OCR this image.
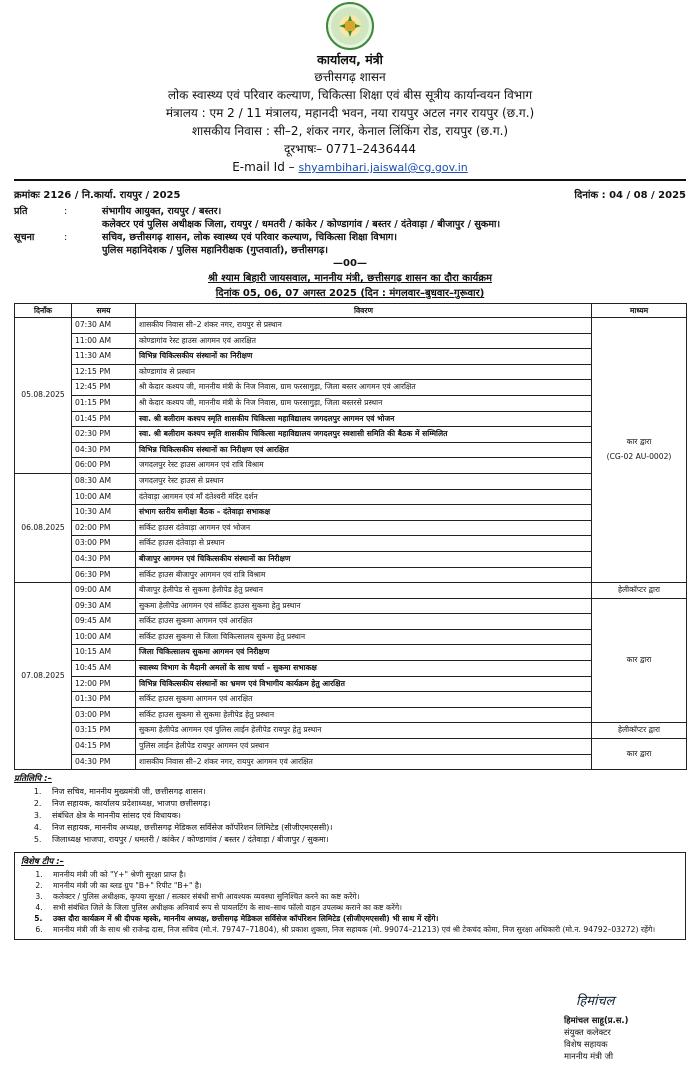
कार्यालय, मंत्री
छत्तीसगढ़ शासन
लोक स्वास्थ्य एवं परिवार कल्याण, चिकित्सा शिक्षा एवं बीस सूत्रीय कार्यान्वयन विभाग
मंत्रालय : एम 2 / 11 मंत्रालय, महानदी भवन, नया रायपुर अटल नगर रायपुर (छ.ग.)
शासकीय निवास : सी–2, शंकर नगर, केनाल लिंकिंग रोड, रायपुर (छ.ग.)
दूरभाषः– 0771–2436444
E-mail Id – shyambihari.jaiswal@cg.gov.in
क्रमांकः 2126 / नि.कार्या. रायपुर / 2025	दिनांक : 04 / 08 / 2025
प्रति	:	संभागीय आयुक्त, रायपुर / बस्तर।
कलेक्टर एवं पुलिस अधीक्षक जिला, रायपुर / धमतरी / कांकेर / कोण्डागांव / बस्तर / दंतेवाड़ा / बीजापुर / सुकमा।
सूचना	:	सचिव, छत्तीसगढ़ शासन, लोक स्वास्थ्य एवं परिवार कल्याण, चिकित्सा शिक्षा विभाग।
पुलिस महानिदेशक / पुलिस महानिरीक्षक (गुप्तवार्ता), छत्तीसगढ़।
—00—
श्री श्याम बिहारी जायसवाल, माननीय मंत्री, छत्तीसगढ़ शासन का दौरा कार्यक्रम
दिनांक 05, 06, 07 अगस्त 2025 (दिन : मंगलवार–बुधवार–गुरूवार)
दिनाँक	समय	विवरण	माध्यम
05.08.2025	07:30 AM	शासकीय निवास सी–2 शंकर नगर, रायपुर से प्रस्थान	कार द्वारा
(CG-02 AU-0002)
	11:00 AM	कोण्डागांव रेस्ट हाउस आगमन एवं आरक्षित	
	11:30 AM	विभिन्न चिकित्सकीय संस्थानों का निरीक्षण	
	12:15 PM	कोण्डागांव से प्रस्थान	
	12:45 PM	श्री केदार कश्यप जी, माननीय मंत्री के निज निवास, ग्राम फरसागुड़ा, जिला बस्तर आगमन एवं आरक्षित	
	01:15 PM	श्री केदार कश्यप जी, माननीय मंत्री के निज निवास, ग्राम फरसागुड़ा, जिला बस्तरसे प्रस्थान	
	01:45 PM	स्वा. श्री बलीराम कश्यप स्मृति शासकीय चिकित्सा महाविद्यालय जगदलपुर आगमन एवं भोजन	
	02:30 PM	स्वा. श्री बलीराम कश्यप स्मृति शासकीय चिकित्सा महाविद्यालय जगदलपुर स्वशासी समिति की बैठक में सम्मिलित	
	04:30 PM	विभिन्न चिकित्सकीय संस्थानों का निरीक्षण एवं आरक्षित	
	06:00 PM	जगदलपुर रेस्ट हाउस आगमन एवं रात्रि विश्राम	
06.08.2025	08:30 AM	जगदलपुर रेस्ट हाउस से प्रस्थान	
	10:00 AM	दंतेवाड़ा आगमन एवं माँ दंतेश्वरी मंदिर दर्शन	
	10:30 AM	संभाग स्तरीय समीक्षा बैठक – दंतेवाड़ा सभाकक्ष	
	02:00 PM	सर्किट हाउस दंतेवाड़ा आगमन एवं भोजन	
	03:00 PM	सर्किट हाउस दंतेवाड़ा से प्रस्थान	
	04:30 PM	बीजापुर आगमन एवं चिकित्सकीय संस्थानों का निरीक्षण	
	06:30 PM	सर्किट हाउस बीजापुर आगमन एवं रात्रि विश्राम	
07.08.2025	09:00 AM	बीजापुर हेलीपेड से सुकमा हेलीपेड हेतु प्रस्थान	हेलीकॉप्टर द्वारा
	09:30 AM	सुकमा हेलीपेड आगमन एवं सर्किट हाउस सुकमा हेतु प्रस्थान	कार द्वारा
	09:45 AM	सर्किट हाउस सुकमा आगमन एवं आरक्षित	
	10:00 AM	सर्किट हाउस सुकमा से जिला चिकित्सालय सुकमा हेतु प्रस्थान	
	10:15 AM	जिला चिकित्सालय सुकमा आगमन एवं निरीक्षण	
	10:45 AM	स्वास्थ्य विभाग के मैदानी अमलों के साथ चर्चा – सुकमा सभाकक्ष	
	12:00 PM	विभिन्न चिकित्सकीय संस्थानों का भ्रमण एवं विभागीय कार्यक्रम हेतु आरक्षित	
	01:30 PM	सर्किट हाउस सुकमा आगमन एवं आरक्षित	
	03:00 PM	सर्किट हाउस सुकमा से सुकमा हेलीपेड हेतु प्रस्थान	
	03:15 PM	सुकमा हेलीपेड आगमन एवं पुलिस लाईन हेलीपेड रायपुर हेतु प्रस्थान	हेलीकॉप्टर द्वारा
	04:15 PM	पुलिस लाईन हेलीपेड रायपुर आगमन एवं प्रस्थान	कार द्वारा
	04:30 PM	शासकीय निवास सी–2 शंकर नगर, रायपुर आगमन एवं आरक्षित	
प्रतिलिपि :–
1. निज सचिव, माननीय मुख्यमंत्री जी, छत्तीसगढ़ शासन।
2. निज सहायक, कार्यालय प्रदेशाध्यक्ष, भाजपा छत्तीसगढ़।
3. संबंधित क्षेत्र के माननीय सांसद एवं विधायक।
4. निज सहायक, माननीय अध्यक्ष, छत्तीसगढ़ मेडिकल सर्विसेज कॉर्पोरेशन लिमिटेड (सीजीएमएससी)।
5. जिलाध्यक्ष भाजपा, रायपुर / धमतरी / कांकेर / कोण्डागांव / बस्तर / दंतेवाड़ा / बीजापुर / सुकमा।
विशेष टीप :–
1. माननीय मंत्री जी को "Y+" श्रेणी सुरक्षा प्राप्त है।
2. माननीय मंत्री जी का ब्लड ग्रुप "B+" रिपीट "B+" है।
3. कलेक्टर / पुलिस अधीक्षक, कृपया सुरक्षा / सत्कार संबंधी सभी आवश्यक व्यवस्था सुनिश्चित करने का कष्ट करेंगे।
4. सभी संबंधित जिले के जिला पुलिस अधीक्षक अनिवार्य रूप से पायलटिंग के साथ–साथ फॉलो वाहन उपलब्ध कराने का कष्ट करेंगे।
5. उक्त दौरा कार्यक्रम में श्री दीपक म्हस्के, माननीय अध्यक्ष, छत्तीसगढ़ मेडिकल सर्विसेज कॉर्पोरेशन लिमिटेड (सीजीएमएससी) भी साथ में रहेंगे।
6. माननीय मंत्री जी के साथ श्री राजेन्द्र दास, निज सचिव (मो.नं. 79747–71804), श्री प्रकाश शुक्ला, निज सहायक (मो. 99074–21213) एवं श्री टेकचंद कोमा, निज सुरक्षा अधिकारी (मो.न. 94792–03272) रहेंगे।
हिमांचल
हिमांचल साहू(प्र.स.)
संयुक्त कलेक्टर
विशेष सहायक
माननीय मंत्री जी
